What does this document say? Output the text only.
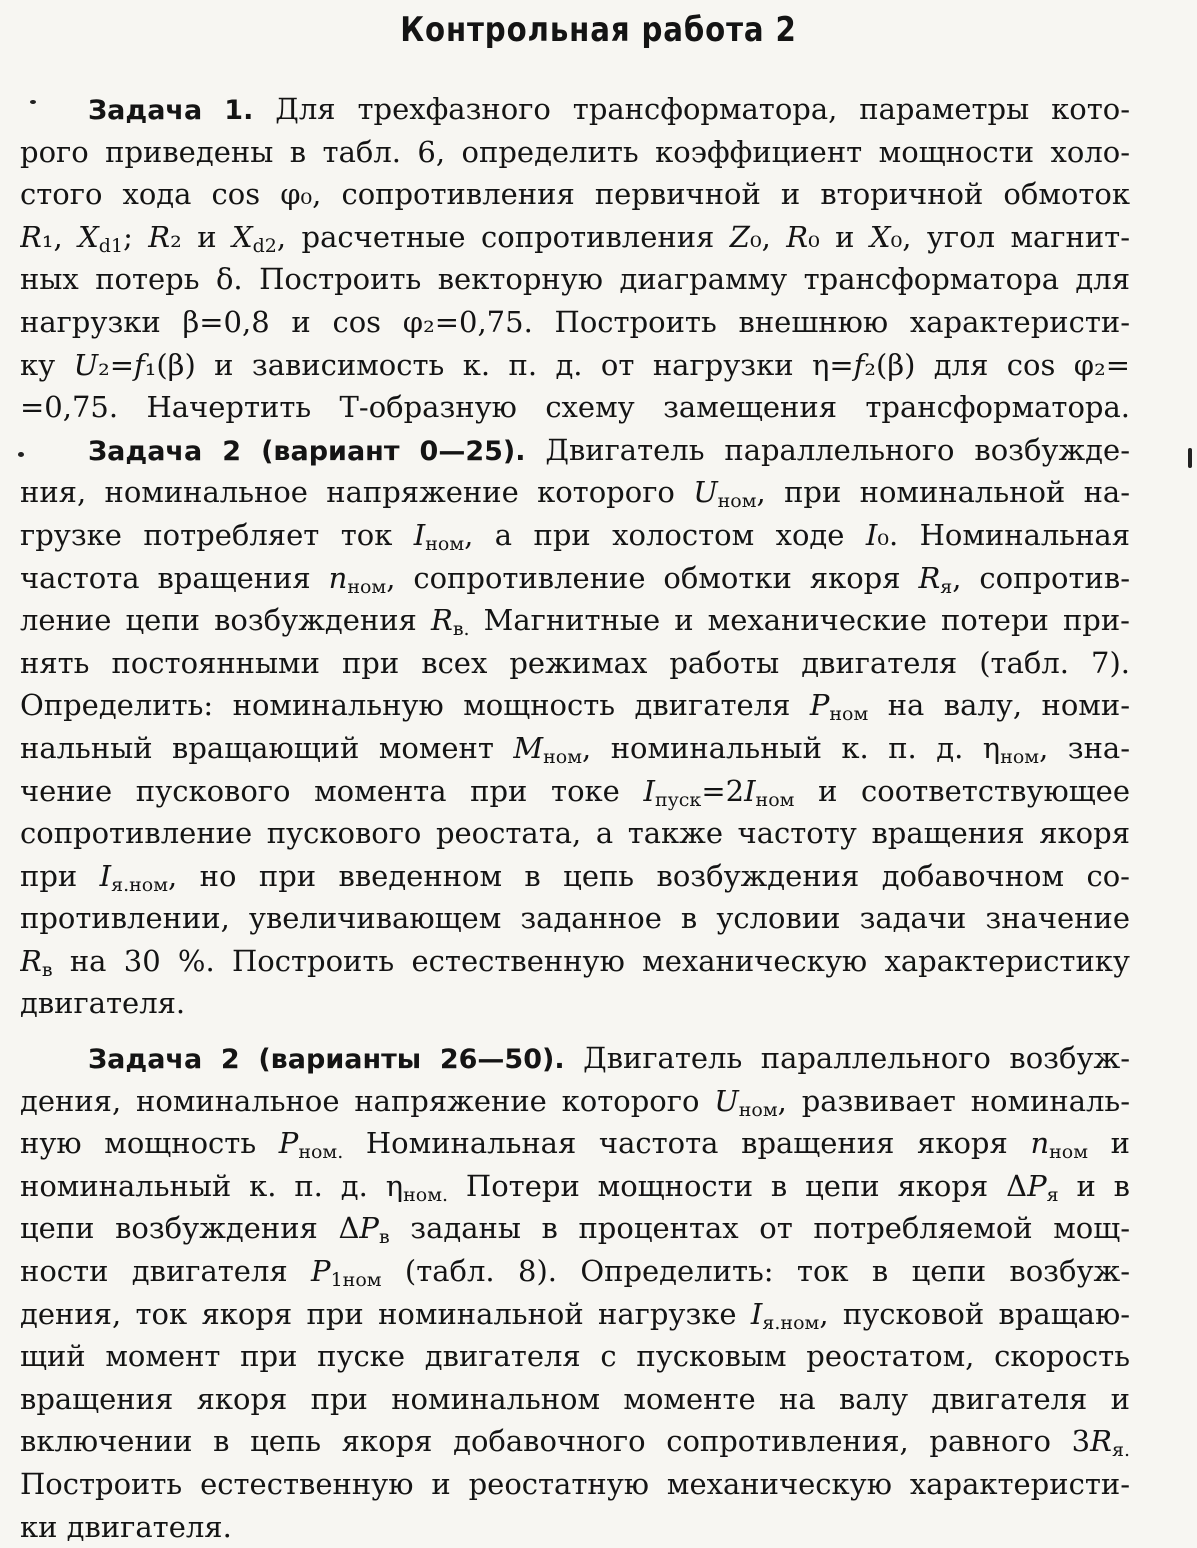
Контрольная работа 2
Задача 1. Для трехфазного трансформатора, параметры кото-
рого приведены в табл. 6, определить коэффициент мощности холо-
стого хода cos φ₀, сопротивления первичной и вторичной обмоток
R₁, $X_{d1}$; R₂ и $X_{d2}$, расчетные сопротивления Z₀, R₀ и X₀, угол магнит-
ных потерь δ. Построить векторную диаграмму трансформатора для
нагрузки β=0,8 и cos φ₂=0,75. Построить внешнюю характеристи-
ку U₂=f₁(β) и зависимость к. п. д. от нагрузки η=f₂(β) для cos φ₂=
=0,75. Начертить Т-образную схему замещения трансформатора.
Задача 2 (вариант 0—25). Двигатель параллельного возбужде-
ния, номинальное напряжение которого $U_{ном}$, при номинальной на-
грузке потребляет ток $I_{ном}$, а при холостом ходе I₀. Номинальная
частота вращения $n_{ном}$, сопротивление обмотки якоря $R_я$, сопротив-
ление цепи возбуждения $R_{в.}$ Магнитные и механические потери при-
нять постоянными при всех режимах работы двигателя (табл. 7).
Определить: номинальную мощность двигателя $P_{ном}$ на валу, номи-
нальный вращающий момент $M_{ном}$, номинальный к. п. д. $\eta_{ном}$, зна-
чение пускового момента при токе $I_{пуск}=2I_{ном}$ и соответствующее
сопротивление пускового реостата, а также частоту вращения якоря
при $I_{я.ном}$, но при введенном в цепь возбуждения добавочном со-
противлении, увеличивающем заданное в условии задачи значение
$R_в$ на 30 %. Построить естественную механическую характеристику
двигателя.
Задача 2 (варианты 26—50). Двигатель параллельного возбуж-
дения, номинальное напряжение которого $U_{ном}$, развивает номиналь-
ную мощность $P_{ном.}$ Номинальная частота вращения якоря $n_{ном}$ и
номинальный к. п. д. $\eta_{ном.}$ Потери мощности в цепи якоря $\Delta P_я$ и в
цепи возбуждения $\Delta P_в$ заданы в процентах от потребляемой мощ-
ности двигателя $P_{1ном}$ (табл. 8). Определить: ток в цепи возбуж-
дения, ток якоря при номинальной нагрузке $I_{я.ном}$, пусковой вращаю-
щий момент при пуске двигателя с пусковым реостатом, скорость
вращения якоря при номинальном моменте на валу двигателя и
включении в цепь якоря добавочного сопротивления, равного $3R_{я.}$
Построить естественную и реостатную механическую характеристи-
ки двигателя.
